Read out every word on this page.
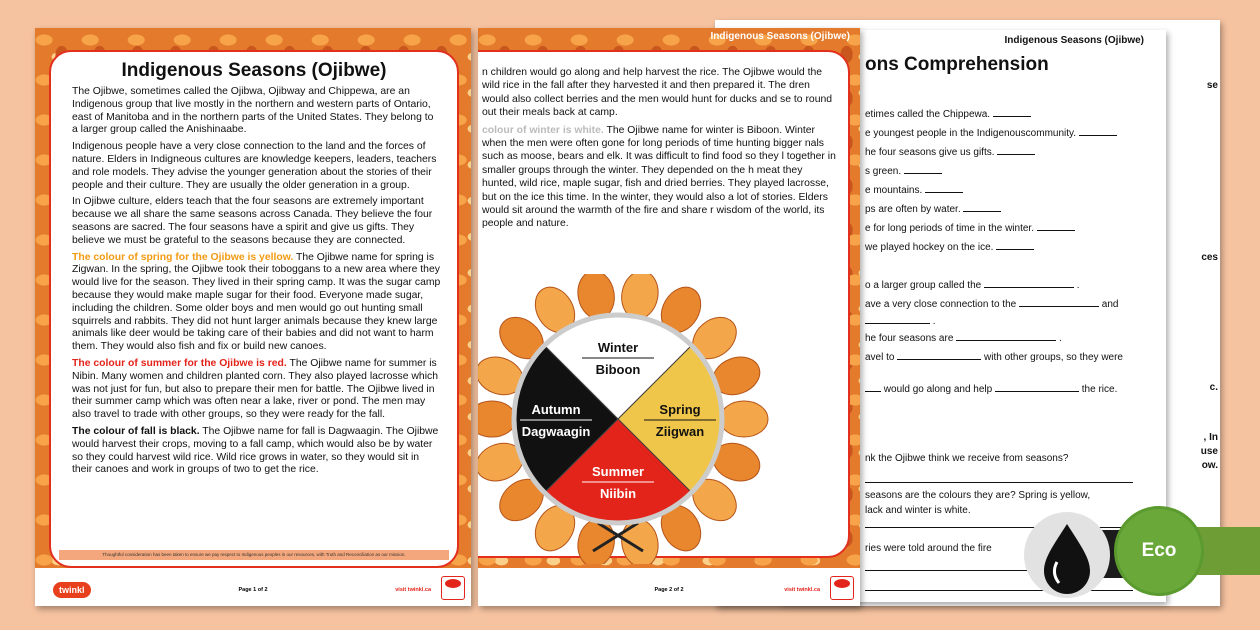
se
ces
c.
, In
use
ow.
Indigenous Seasons (Ojibwe)
ons Comprehension
etimes called the Chippewa.
e youngest people in the Indigenouscommunity.
he four seasons give us gifts.
s green.
e mountains.
ps are often by water.
e for long periods of time in the winter.
we played hockey on the ice.
o a larger group called the	.
ave a very close connection to the	and
.
he four seasons are	.
avel to	with other groups, so they were
would go along and help	the rice.
nk the Ojibwe think we receive from seasons?
seasons are the colours they are? Spring is yellow,
lack and winter is white.
ries were told around the fire
Indigenous Seasons (Ojibwe)

n children would go along and help harvest the rice. The Ojibwe would the wild rice in the fall after they harvested it and then prepared it. The dren would also collect berries and the men would hunt for ducks and se to round out their meals back at camp.

colour of winter is white. The Ojibwe name for winter is Biboon. Winter when the men were often gone for long periods of time hunting bigger nals such as moose, bears and elk. It was difficult to find food so they l together in smaller groups through the winter. They depended on the h meat they hunted, wild rice, maple sugar, fish and dried berries. They played lacrosse, but on the ice this time. In the winter, they would also a lot of stories. Elders would sit around the warmth of the fire and share r wisdom of the world, its people and nature.

Winter
Biboon
Spring
Ziigwan
Summer
Niibin
Autumn
Dagwaagin
Page 2 of 2	visit twinkl.ca
Indigenous Seasons (Ojibwe)

The Ojibwe, sometimes called the Ojibwa, Ojibway and Chippewa, are an Indigenous group that live mostly in the northern and western parts of Ontario, east of Manitoba and in the northern parts of the United States. They belong to a larger group called the Anishinaabe.

Indigenous people have a very close connection to the land and the forces of nature. Elders in Indigneous cultures are knowledge keepers, leaders, teachers and role models. They advise the younger generation about the stories of their people and their culture. They are usually the older generation in a group.

In Ojibwe culture, elders teach that the four seasons are extremely important because we all share the same seasons across Canada. They believe the four seasons are sacred. The four seasons have a spirit and give us gifts. They believe we must be grateful to the seasons because they are connected.

The colour of spring for the Ojibwe is yellow. The Ojibwe name for spring is Zigwan. In the spring, the Ojibwe took their toboggans to a new area where they would live for the season. They lived in their spring camp. It was the sugar camp because they would make maple sugar for their food. Everyone made sugar, including the children. Some older boys and men would go out hunting small squirrels and rabbits. They did not hunt larger animals because they knew large animals like deer would be taking care of their babies and did not want to harm them. They would also fish and fix or build new canoes.

The colour of summer for the Ojibwe is red. The Ojibwe name for summer is Nibin. Many women and children planted corn. They also played lacrosse which was not just for fun, but also to prepare their men for battle. The Ojibwe lived in their summer camp which was often near a lake, river or pond. The men may also travel to trade with other groups, so they were ready for the fall.

The colour of fall is black. The Ojibwe name for fall is Dagwaagin. The Ojibwe would harvest their crops, moving to a fall camp, which would also be by water so they could harvest wild rice. Wild rice grows in water, so they would sit in their canoes and work in groups of two to get the rice.

Thoughtful consideration has been taken to ensure we pay respect to Indigenous peoples in our resources, with Truth and Reconciliation as our mission.
twinkl	Page 1 of 2	visit twinkl.ca
Eco
